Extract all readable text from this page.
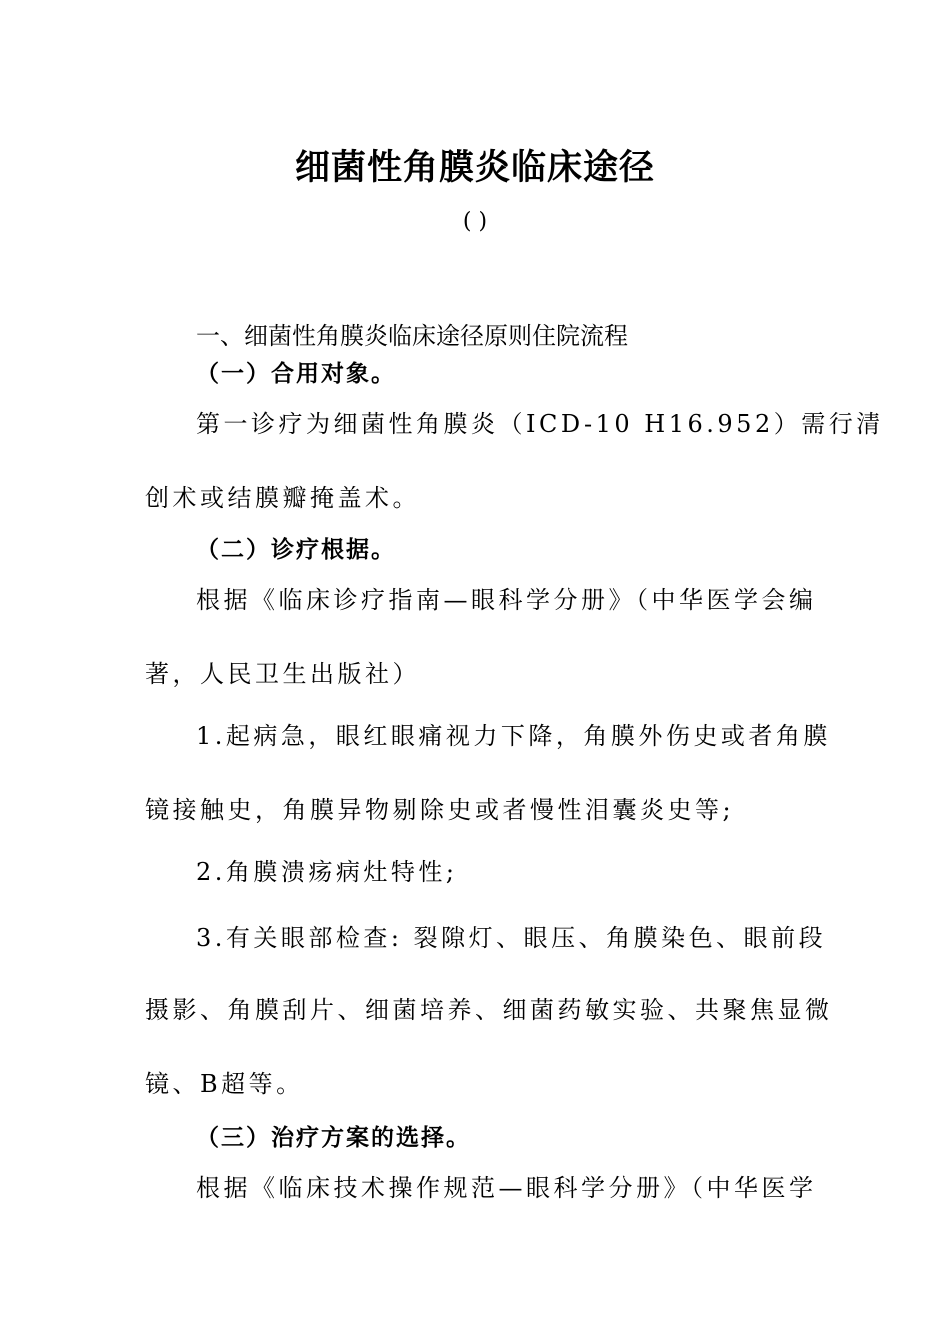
细菌性角膜炎临床途径
( )
一、细菌性角膜炎临床途径原则住院流程
（一）合用对象。
第一诊疗为细菌性角膜炎（ICD-10 H16.952）需行清
创术或结膜瓣掩盖术。
（二）诊疗根据。
根据《临床诊疗指南—眼科学分册》（中华医学会编
著，人民卫生出版社）
1.起病急，眼红眼痛视力下降，角膜外伤史或者角膜
镜接触史，角膜异物剔除史或者慢性泪囊炎史等;
2.角膜溃疡病灶特性;
3.有关眼部检查: 裂隙灯、眼压、角膜染色、眼前段
摄影、角膜刮片、细菌培养、细菌药敏实验、共聚焦显微
镜、B超等。
（三）治疗方案的选择。
根据《临床技术操作规范—眼科学分册》（中华医学
